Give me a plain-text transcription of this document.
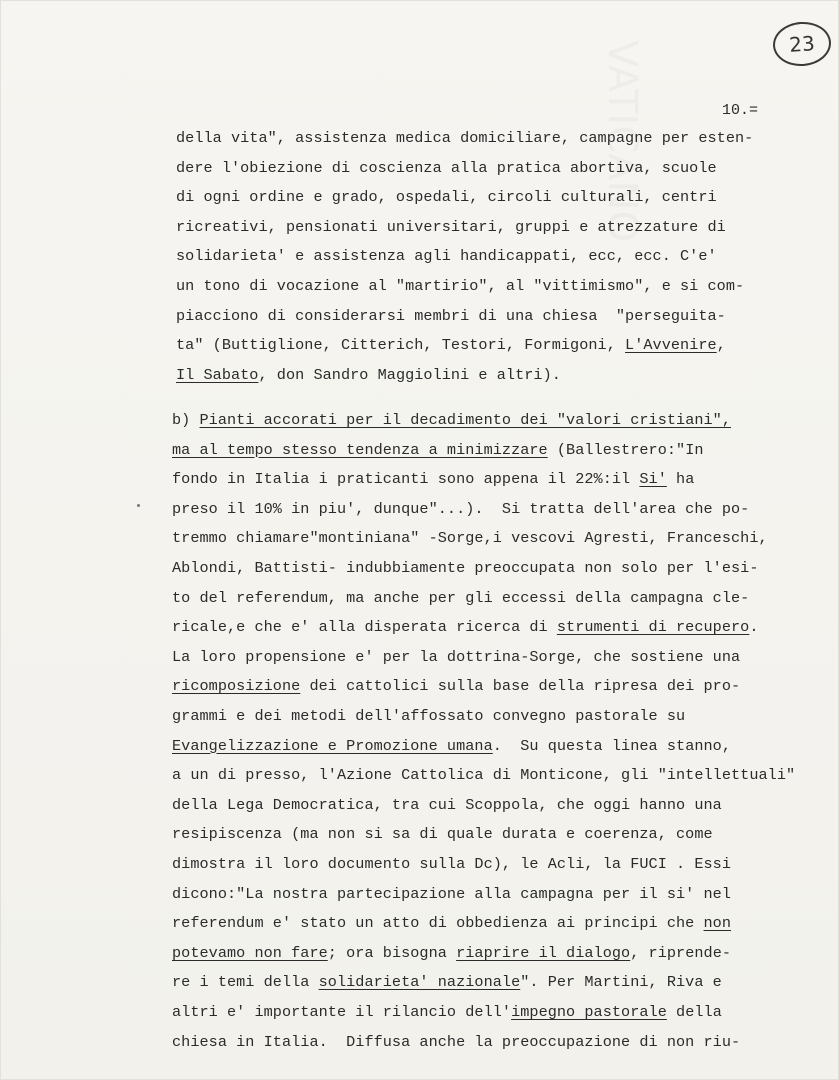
VATICANO	23
10.=
della vita", assistenza medica domiciliare, campagne per esten-
dere l'obiezione di coscienza alla pratica abortiva, scuole
di ogni ordine e grado, ospedali, circoli culturali, centri
ricreativi, pensionati universitari, gruppi e atrezzature di
solidarieta' e assistenza agli handicappati, ecc, ecc. C'e'
un tono di vocazione al "martirio", al "vittimismo", e si com-
piacciono di considerarsi membri di una chiesa  "perseguita-
ta" (Buttiglione, Citterich, Testori, Formigoni, L'Avvenire,
Il Sabato, don Sandro Maggiolini e altri).
b) Pianti accorati per il decadimento dei "valori cristiani",
ma al tempo stesso tendenza a minimizzare (Ballestrero:"In
fondo in Italia i praticanti sono appena il 22%:il Si' ha
preso il 10% in piu', dunque"...).  Si tratta dell'area che po-
tremmo chiamare"montiniana" -Sorge,i vescovi Agresti, Franceschi,
Ablondi, Battisti- indubbiamente preoccupata non solo per l'esi-
to del referendum, ma anche per gli eccessi della campagna cle-
ricale,e che e' alla disperata ricerca di strumenti di recupero.
La loro propensione e' per la dottrina-Sorge, che sostiene una
ricomposizione dei cattolici sulla base della ripresa dei pro-
grammi e dei metodi dell'affossato convegno pastorale su
Evangelizzazione e Promozione umana.  Su questa linea stanno,
a un di presso, l'Azione Cattolica di Monticone, gli "intellettuali"
della Lega Democratica, tra cui Scoppola, che oggi hanno una
resipiscenza (ma non si sa di quale durata e coerenza, come
dimostra il loro documento sulla Dc), le Acli, la FUCI . Essi
dicono:"La nostra partecipazione alla campagna per il si' nel
referendum e' stato un atto di obbedienza ai principi che non
potevamo non fare; ora bisogna riaprire il dialogo, riprende-
re i temi della solidarieta' nazionale". Per Martini, Riva e
altri e' importante il rilancio dell'impegno pastorale della
chiesa in Italia.  Diffusa anche la preoccupazione di non riu-
